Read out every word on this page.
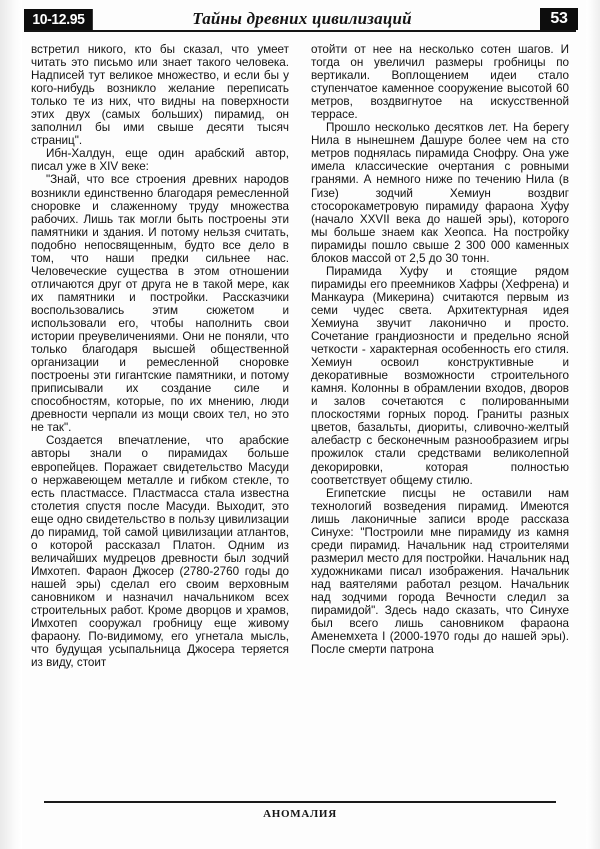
10-12.95	Тайны древних цивилизаций	53

встретил никого, кто бы сказал, что умеет читать это письмо или знает такого человека. Надписей тут великое множество, и если бы у кого-нибудь возникло желание переписать только те из них, что видны на поверхности этих двух (самых больших) пирамид, он заполнил бы ими свыше десяти тысяч страниц".

Ибн-Халдун, еще один арабский автор, писал уже в XIV веке:

"Знай, что все строения древних народов возникли единственно благодаря ремесленной сноровке и слаженному труду множества рабочих. Лишь так могли быть построены эти памятники и здания. И потому нельзя считать, подобно непосвященным, будто все дело в том, что наши предки сильнее нас. Человеческие существа в этом отношении отличаются друг от друга не в такой мере, как их памятники и постройки. Рассказчики воспользовались этим сюжетом и использовали его, чтобы наполнить свои истории преувеличениями. Они не поняли, что только благодаря высшей общественной организации и ремесленной сноровке построены эти гигантские памятники, и потому приписывали их создание силе и способностям, которые, по их мнению, люди древности черпали из мощи своих тел, но это не так".

Создается впечатление, что арабские авторы знали о пирамидах больше европейцев. Поражает свидетельство Масуди о нержавеющем металле и гибком стекле, то есть пластмассе. Пластмасса стала известна столетия спустя после Масуди. Выходит, это еще одно свидетельство в пользу цивилизации до пирамид, той самой цивилизации атлантов, о которой рассказал Платон. Одним из величайших мудрецов древности был зодчий Имхотеп. Фараон Джосер (2780-2760 годы до нашей эры) сделал его своим верховным сановником и назначил начальником всех строительных работ. Кроме дворцов и храмов, Имхотеп сооружал гробницу еще живому фараону. По-видимому, его угнетала мысль, что будущая усыпальница Джосера теряется из виду, стоит

отойти от нее на несколько сотен шагов. И тогда он увеличил размеры гробницы по вертикали. Воплощением идеи стало ступенчатое каменное сооружение высотой 60 метров, воздвигнутое на искусственной террасе.

Прошло несколько десятков лет. На берегу Нила в нынешнем Дашуре более чем на сто метров поднялась пирамида Снофру. Она уже имела классические очертания с ровными гранями. А немного ниже по течению Нила (в Гизе) зодчий Хемиун воздвиг стосорокаметровую пирамиду фараона Хуфу (начало XXVII века до нашей эры), которого мы больше знаем как Хеопса. На постройку пирамиды пошло свыше 2 300 000 каменных блоков массой от 2,5 до 30 тонн.

Пирамида Хуфу и стоящие рядом пирамиды его преемников Хафры (Хефрена) и Манкаура (Микерина) считаются первым из семи чудес света. Архитектурная идея Хемиуна звучит лаконично и просто. Сочетание грандиозности и предельно ясной четкости - характерная особенность его стиля. Хемиун освоил конструктивные и декоративные возможности строительного камня. Колонны в обрамлении входов, дворов и залов сочетаются с полированными плоскостями горных пород. Граниты разных цветов, базальты, диориты, сливочно-желтый алебастр с бесконечным разнообразием игры прожилок стали средствами великолепной декорировки, которая полностью соответствует общему стилю.

Египетские писцы не оставили нам технологий возведения пирамид. Имеются лишь лаконичные записи вроде рассказа Синухе: "Построили мне пирамиду из камня среди пирамид. Начальник над строителями размерил место для постройки. Начальник над художниками писал изображения. Начальник над ваятелями работал резцом. Начальник над зодчими города Вечности следил за пирамидой". Здесь надо сказать, что Синухе был всего лишь сановником фараона Аменемхета I (2000-1970 годы до нашей эры). После смерти патрона

АНОМАЛИЯ
